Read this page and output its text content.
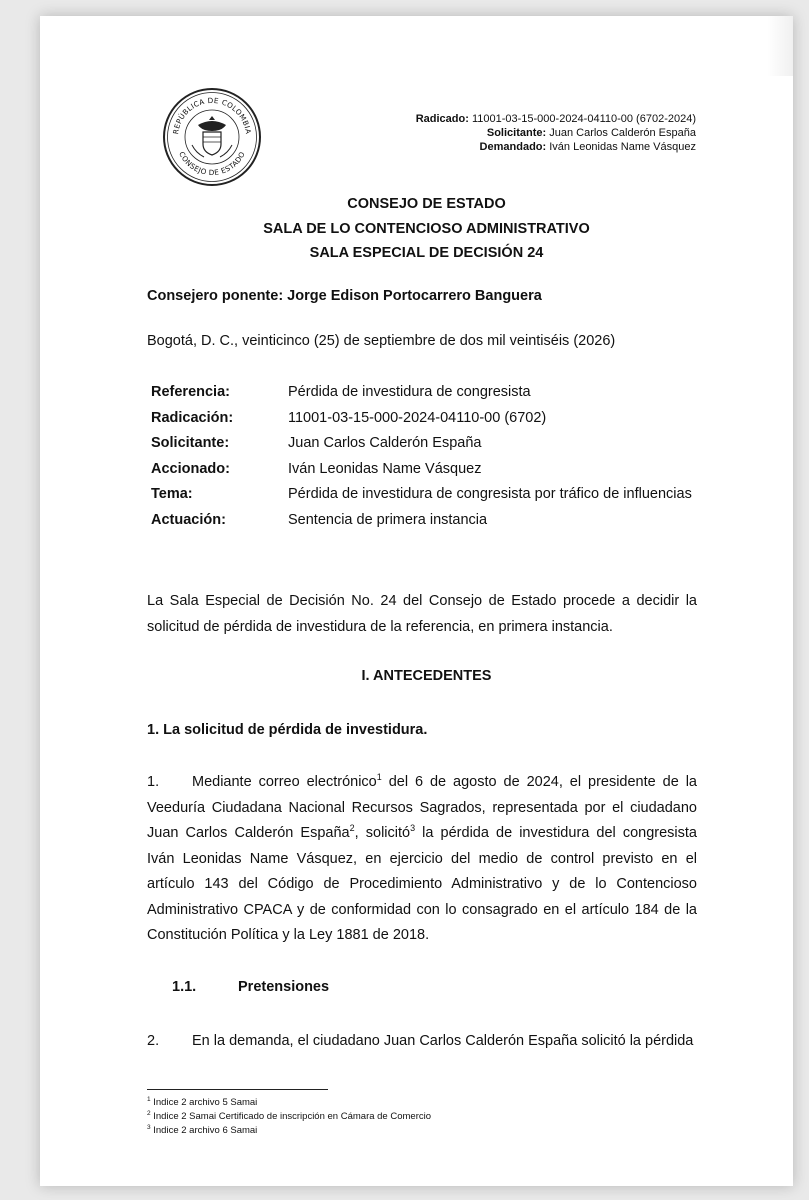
REPÚBLICA DE COLOMBIA
CONSEJO DE ESTADO
Radicado: 11001-03-15-000-2024-04110-00 (6702-2024)
Solicitante: Juan Carlos Calderón España
Demandado: Iván Leonidas Name Vásquez
CONSEJO DE ESTADO
SALA DE LO CONTENCIOSO ADMINISTRATIVO
SALA ESPECIAL DE DECISIÓN 24
Consejero ponente: Jorge Edison Portocarrero Banguera
Bogotá, D. C., veinticinco (25) de septiembre de dos mil veintiséis (2026)
Referencia:	Pérdida de investidura de congresista
Radicación:	11001-03-15-000-2024-04110-00 (6702)
Solicitante:	Juan Carlos Calderón España
Accionado:	Iván Leonidas Name Vásquez
Tema:	Pérdida de investidura de congresista por tráfico de influencias
Actuación:	Sentencia de primera instancia
La Sala Especial de Decisión No. 24 del Consejo de Estado procede a decidir la solicitud de pérdida de investidura de la referencia, en primera instancia.
I. ANTECEDENTES
1. La solicitud de pérdida de investidura.
1. Mediante correo electrónico$^1$ del 6 de agosto de 2024, el presidente de la Veeduría Ciudadana Nacional Recursos Sagrados, representada por el ciudadano Juan Carlos Calderón España$^2$, solicitó$^3$ la pérdida de investidura del congresista Iván Leonidas Name Vásquez, en ejercicio del medio de control previsto en el artículo 143 del Código de Procedimiento Administrativo y de lo Contencioso Administrativo CPACA y de conformidad con lo consagrado en el artículo 184 de la Constitución Política y la Ley 1881 de 2018.
1.1.	Pretensiones
2. En la demanda, el ciudadano Juan Carlos Calderón España solicitó la pérdida
$^1$ Indice 2 archivo 5 Samai
$^2$ Indice 2 Samai Certificado de inscripción en Cámara de Comercio
$^3$ Indice 2 archivo 6 Samai
